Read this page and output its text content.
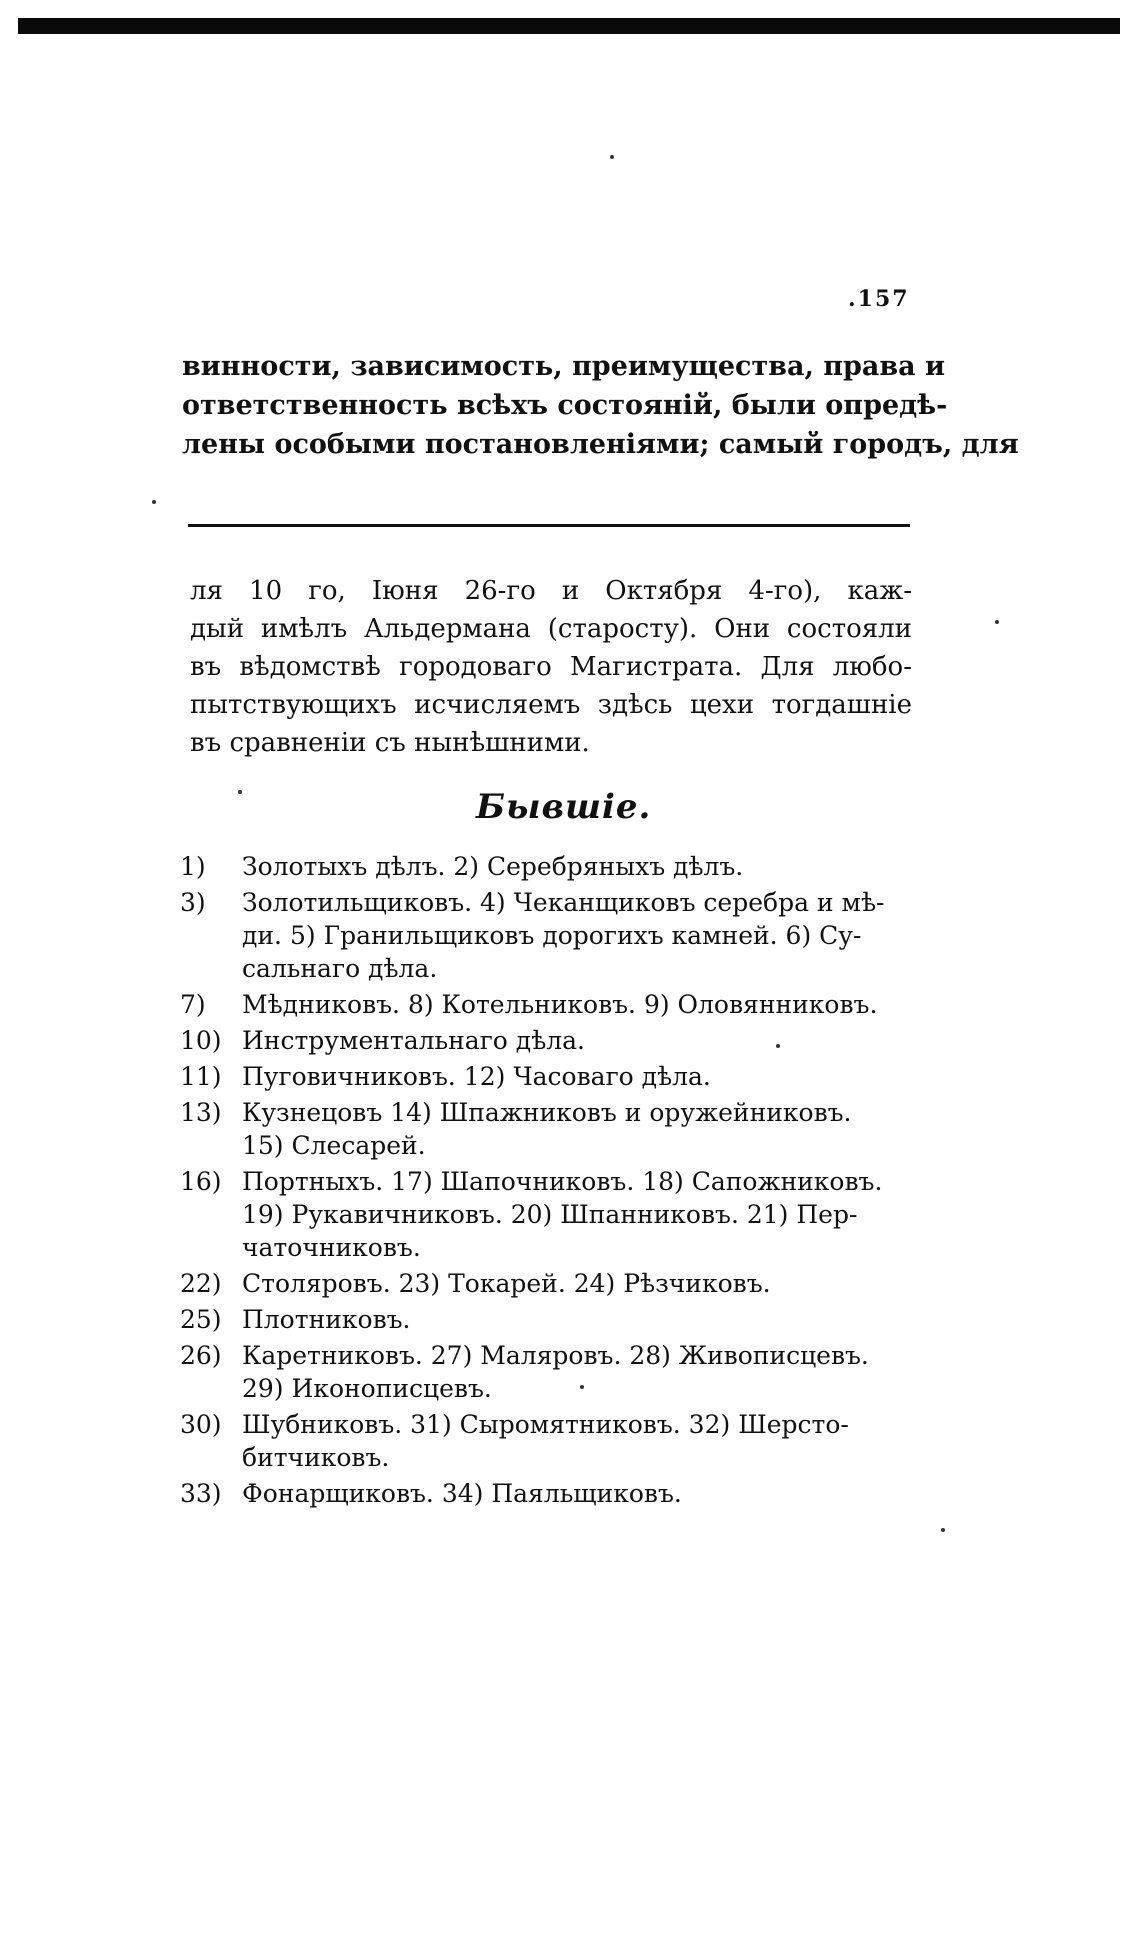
.157

винности, зависимость, преимущества, права и
ответственность всѣхъ состояній, были опредѣ-
лены особыми постановленіями; самый городъ, для

ля 10 го, Іюня 26-го и Октября 4-го), каж-
дый имѣлъ Альдермана (старосту). Они состояли
въ вѣдомствѣ городоваго Магистрата. Для любо-
пытствующихъ исчисляемъ здѣсь цехи тогдашніе
въ сравненіи съ нынѣшними.

Бывшіе.
1)	Золотыхъ дѣлъ. 2) Серебряныхъ дѣлъ.
3)	Золотильщиковъ. 4) Чеканщиковъ серебра и мѣ-
ди. 5) Гранильщиковъ дорогихъ камней. 6) Су-
сальнаго дѣла.
7)	Мѣдниковъ. 8) Котельниковъ. 9) Оловянниковъ.
10) Инструментальнаго дѣла.
11) Пуговичниковъ. 12) Часоваго дѣла.
13) Кузнецовъ 14) Шпажниковъ и оружейниковъ.
15) Слесарей.
16) Портныхъ. 17) Шапочниковъ. 18) Сапожниковъ.
19) Рукавичниковъ. 20) Шпанниковъ. 21) Пер-
чаточниковъ.
22) Столяровъ. 23) Токарей. 24) Рѣзчиковъ.
25) Плотниковъ.
26) Каретниковъ. 27) Маляровъ. 28) Живописцевъ.
29) Иконописцевъ.
30) Шубниковъ. 31) Сыромятниковъ. 32) Шерсто-
битчиковъ.
33) Фонарщиковъ. 34) Паяльщиковъ.
